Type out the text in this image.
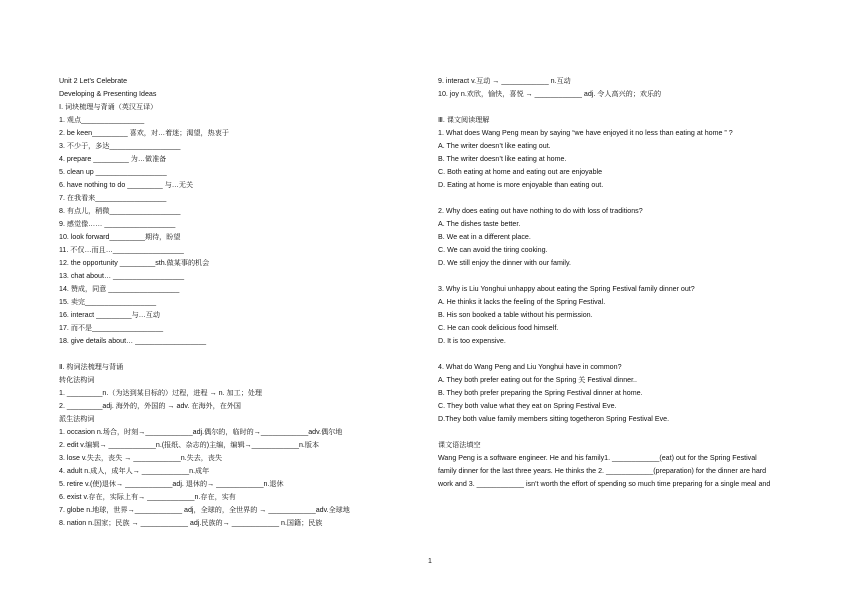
Unit 2 Let’s Celebrate
Developing & Presenting Ideas
Ⅰ. 词块梳理与背诵（英汉互译）
1. 观点________________
2. be keen_________ 喜欢，对…着迷；渴望，热衷于
3. 不少于，多达__________________
4. prepare _________ 为…做准备
5. clean up __________________
6. have nothing to do _________ 与…无关
7. 在我看来__________________
8. 有点儿，稍微__________________
9. 感觉像…… __________________
10. look forward_________期待，盼望
11. 不仅…而且…__________________
12. the opportunity _________sth.做某事的机会
13. chat about… __________________
14. 赞成，同意 __________________
15. 卖完__________________
16. interact _________与…互动
17. 而不是__________________
18. give details about… __________________
Ⅱ. 构词法梳理与背诵
转化法构词
1. _________n.（为达到某目标的）过程，进程 → n. 加工；处理
2. _________adj. 海外的，外国的 → adv. 在海外，在外国
派生法构词
1. occasion n.场合，时刻→____________adj.偶尔的，临时的→____________adv.偶尔地
2. edit v.编辑→ ____________n.(报纸、杂志的)主编，编辑→____________n.版本
3. lose v.失去，丧失 → ____________n.失去，丧失
4. adult n.成人，成年人→ ____________n.成年
5. retire v.(使)退休→ ____________adj. 退休的→ ____________n.退休
6. exist v.存在，实际上有→ ____________n.存在，实有
7. globe n.地球，世界→____________ adj，全球的，全世界的 → ____________adv.全球地
8. nation n.国家；民族 → ____________ adj.民族的→ ____________ n.国籍；民族
9. interact v.互动 → ____________ n.互动
10. joy n.欢欣，愉快，喜悦 → ____________ adj. 令人高兴的；欢乐的
Ⅲ. 课文阅读理解
1. What does Wang Peng mean by saying “we have enjoyed it no less than eating at home ” ?
A. The writer doesn’t like eating out.
B. The writer doesn’t like eating at home.
C. Both eating at home and eating out are enjoyable
D. Eating at home is more enjoyable than eating out.
2. Why does eating out have nothing to do with loss of traditions?
A. The dishes taste better.
B. We eat in a different place.
C. We can avoid the tiring cooking.
D. We still enjoy the dinner with our family.
3. Why is Liu Yonghui unhappy about eating the Spring Festival family dinner out?
A. He thinks it lacks the feeling of the Spring Festival.
B. His son booked a table without his permission.
C. He can cook delicious food himself.
D. It is too expensive.
4. What do Wang Peng and Liu Yonghui have in common?
A. They both prefer eating out for the Spring 关 Festival dinner..
B. They both prefer preparing the Spring Festival dinner at home.
C. They both value what they eat on Spring Festival Eve.
D.They both value family members sitting togetheron Spring Festival Eve.
课文语法填空
Wang Peng is a software engineer. He and his family1. ____________(eat) out for the Spring Festival
family dinner for the last three years. He thinks the 2. ____________(preparation) for the dinner are hard
work and 3. ____________ isn’t worth the effort of spending so much time preparing for a single meal and
1
